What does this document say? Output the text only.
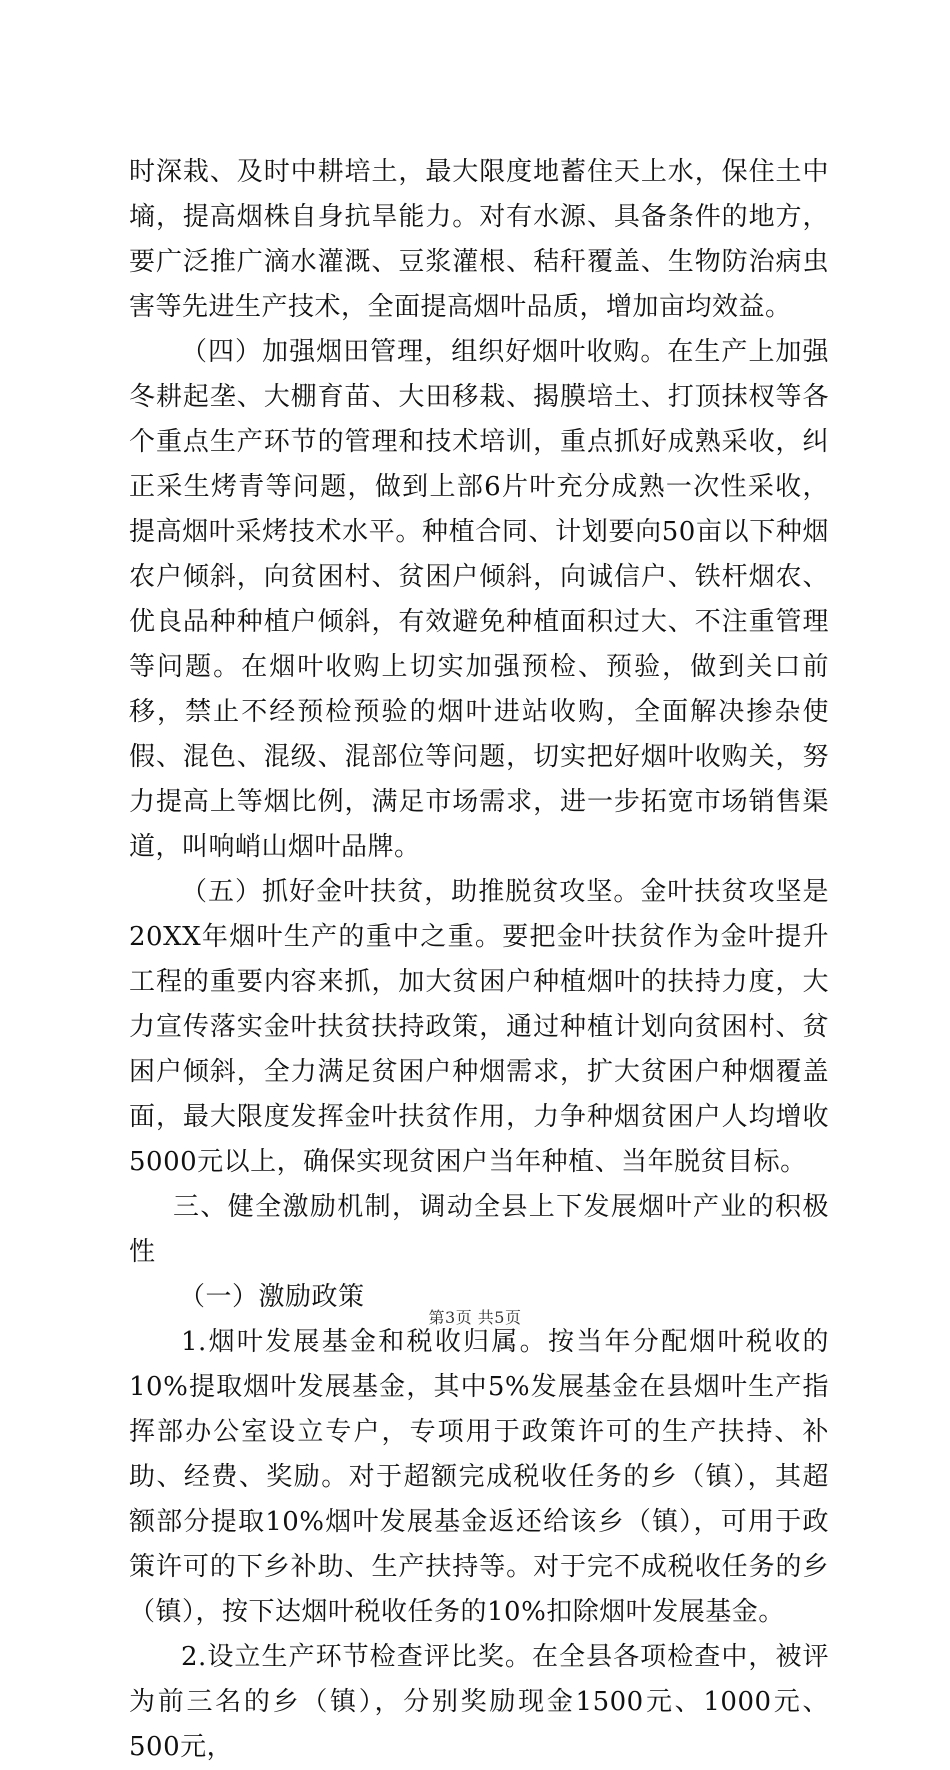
时深栽、及时中耕培土，最大限度地蓄住天上水，保住土中墒，提高烟株自身抗旱能力。对有水源、具备条件的地方，要广泛推广滴水灌溉、豆浆灌根、秸秆覆盖、生物防治病虫害等先进生产技术，全面提高烟叶品质，增加亩均效益。

（四）加强烟田管理，组织好烟叶收购。在生产上加强冬耕起垄、大棚育苗、大田移栽、揭膜培土、打顶抹杈等各个重点生产环节的管理和技术培训，重点抓好成熟采收，纠正采生烤青等问题，做到上部6片叶充分成熟一次性采收，提高烟叶采烤技术水平。种植合同、计划要向50亩以下种烟农户倾斜，向贫困村、贫困户倾斜，向诚信户、铁杆烟农、优良品种种植户倾斜，有效避免种植面积过大、不注重管理等问题。在烟叶收购上切实加强预检、预验，做到关口前移，禁止不经预检预验的烟叶进站收购，全面解决掺杂使假、混色、混级、混部位等问题，切实把好烟叶收购关，努力提高上等烟比例，满足市场需求，进一步拓宽市场销售渠道，叫响峭山烟叶品牌。

（五）抓好金叶扶贫，助推脱贫攻坚。金叶扶贫攻坚是20XX年烟叶生产的重中之重。要把金叶扶贫作为金叶提升工程的重要内容来抓，加大贫困户种植烟叶的扶持力度，大力宣传落实金叶扶贫扶持政策，通过种植计划向贫困村、贫困户倾斜，全力满足贫困户种烟需求，扩大贫困户种烟覆盖面，最大限度发挥金叶扶贫作用，力争种烟贫困户人均增收5000元以上，确保实现贫困户当年种植、当年脱贫目标。

三、健全激励机制，调动全县上下发展烟叶产业的积极性

（一）激励政策

1.烟叶发展基金和税收归属。按当年分配烟叶税收的10%提取烟叶发展基金，其中5%发展基金在县烟叶生产指挥部办公室设立专户，专项用于政策许可的生产扶持、补助、经费、奖励。对于超额完成税收任务的乡（镇），其超额部分提取10%烟叶发展基金返还给该乡（镇），可用于政策许可的下乡补助、生产扶持等。对于完不成税收任务的乡（镇），按下达烟叶税收任务的10%扣除烟叶发展基金。

2.设立生产环节检查评比奖。在全县各项检查中，被评为前三名的乡（镇），分别奖励现金1500元、1000元、500元，

第3页 共5页
